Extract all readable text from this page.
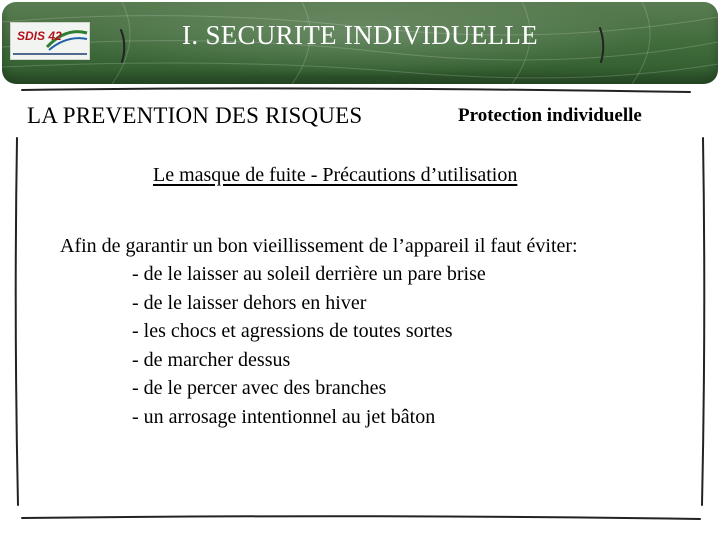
SDIS 42	I. SECURITE INDIVIDUELLE
LA PREVENTION DES RISQUES	Protection individuelle
Le masque de fuite - Précautions d’utilisation
Afin de garantir un bon vieillissement de l’appareil il faut éviter:
- de le laisser au soleil derrière un pare brise
- de le laisser dehors en hiver
- les chocs et agressions de toutes sortes
- de marcher dessus
- de le percer avec des branches
- un arrosage intentionnel au jet bâton
